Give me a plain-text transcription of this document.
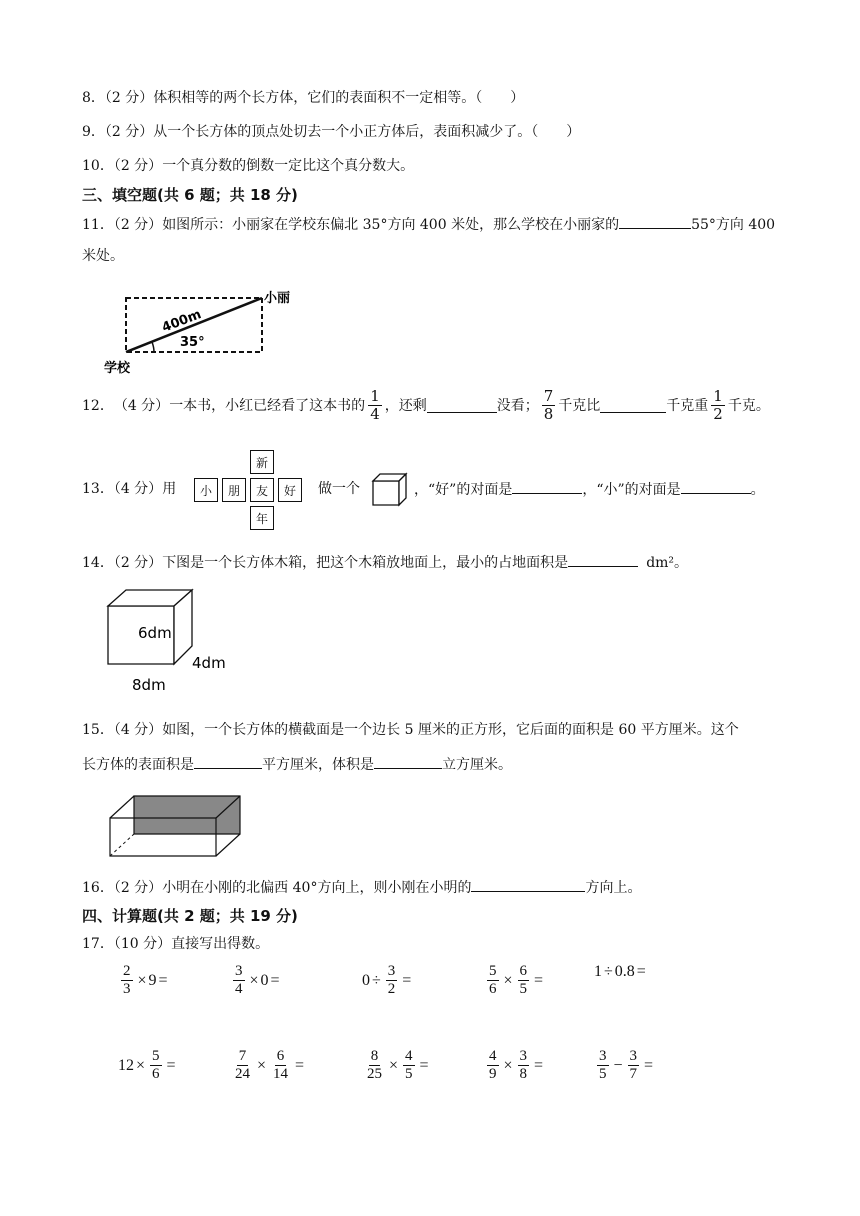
8．（2 分）体积相等的两个长方体，它们的表面积不一定相等。（　　）
9．（2 分）从一个长方体的顶点处切去一个小正方体后，表面积减少了。（　　）
10．（2 分）一个真分数的倒数一定比这个真分数大。
三、填空题(共 6 题；共 18 分)
11．（2 分）如图所示：小丽家在学校东偏北 35°方向 400 米处，那么学校在小丽家的	55°方向 400
米处。
小丽
学校
400m
35°
12． （4 分） 一本书，小红已经看了这本书的 $\frac{1}{4}$ ，还剩	没看； $\frac{7}{8}$ 千克比	千克重 $\frac{1}{2}$ 千克。
13．（4 分）用
新
小	朋	友	好
年
做一个	，“好”的对面是	，“小”的对面是	。
14．（2 分）下图是一个长方体木箱，把这个木箱放地面上，最小的占地面积是	dm²。
6dm
4dm
8dm
15．（4 分）如图，一个长方体的横截面是一个边长 5 厘米的正方形，它后面的面积是 60 平方厘米。这个
长方体的表面积是	平方厘米，体积是	立方厘米。
16．（2 分）小明在小刚的北偏西 40°方向上，则小刚在小明的	方向上。
四、计算题(共 2 题；共 19 分)
17．（10 分）直接写出得数。
$\frac{2}{3} \times 9$ =	$\frac{3}{4} \times 0$ =	$0 \div \frac{3}{2}$ =	$\frac{5}{6} \times \frac{6}{5}$ =	1 ÷ 0.8 =
$12 \times \frac{5}{6}$ =	$\frac{7}{24} \times \frac{6}{14}$ =	$\frac{8}{25} \times \frac{4}{5}$ =	$\frac{4}{9} \times \frac{3}{8}$ =	$\frac{3}{5} - \frac{3}{7}$ =
